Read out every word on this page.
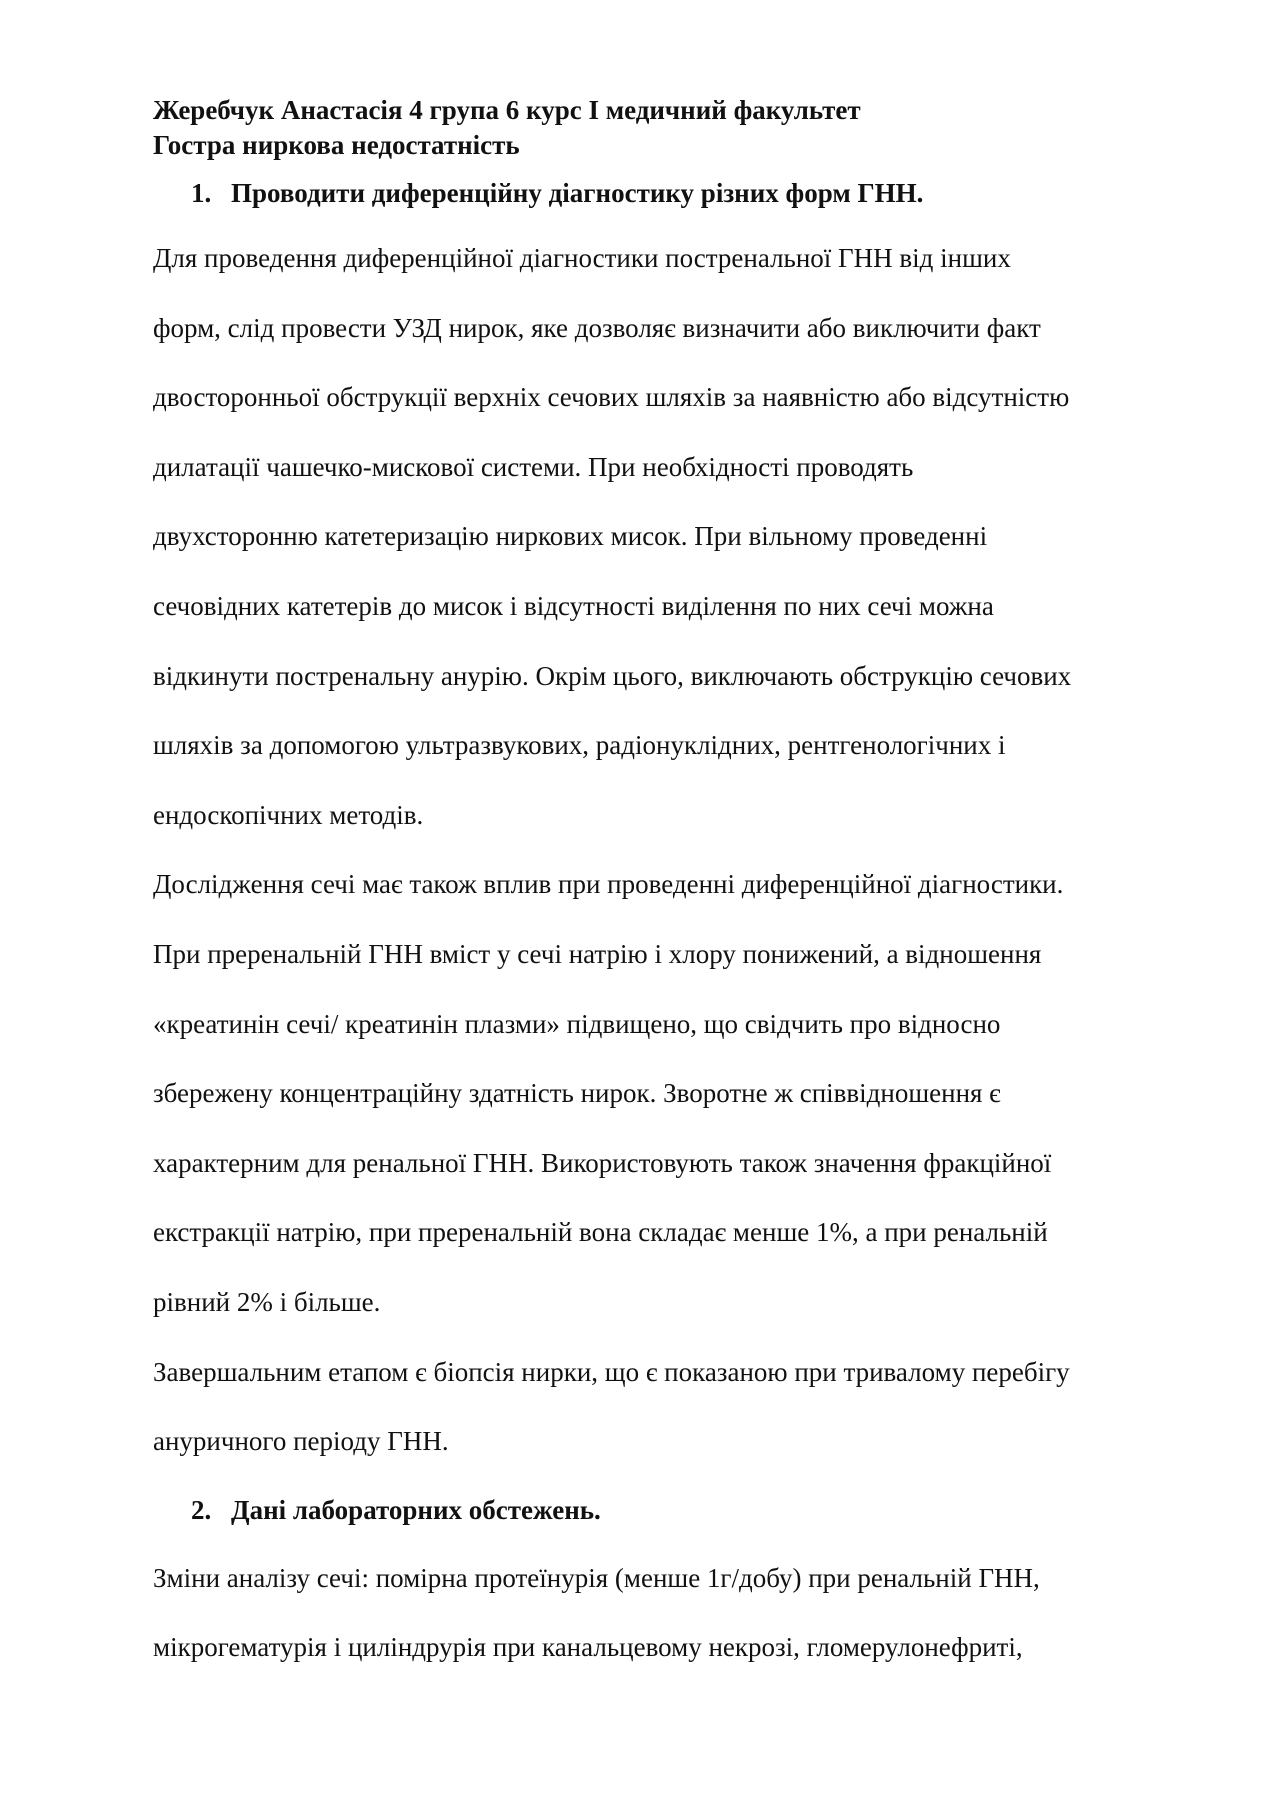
Жеребчук Анастасія 4 група 6 курс І медичний факультет
Гостра ниркова недостатність
1. Проводити диференційну діагностику різних форм ГНН.

Для проведення диференційної діагностики постренальної ГНН від інших

форм, слід провести УЗД нирок, яке дозволяє визначити або виключити факт

двосторонньої обструкції верхніх сечових шляхів за наявністю або відсутністю

дилатації чашечко-мискової системи. При необхідності проводять

двухсторонню катетеризацію ниркових мисок. При вільному проведенні

сечовідних катетерів до мисок і відсутності виділення по них сечі можна

відкинути постренальну анурію. Окрім цього, виключають обструкцію сечових

шляхів за допомогою ультразвукових, радіонуклідних, рентгенологічних і

ендоскопічних методів.

Дослідження сечі має також вплив при проведенні диференційної діагностики.

При преренальній ГНН вміст у сечі натрію і хлору понижений, а відношення

«креатинін сечі/ креатинін плазми» підвищено, що свідчить про відносно

збережену концентраційну здатність нирок. Зворотне ж співвідношення є

характерним для ренальної ГНН. Використовують також значення фракційної

екстракції натрію, при преренальній вона складає менше 1%, а при ренальній

рівний 2% і більше.

Завершальним етапом є біопсія нирки, що є показаною при тривалому перебігу

ануричного періоду ГНН.

2. Дані лабораторних обстежень.

Зміни аналізу сечі: помірна протеїнурія (менше 1г/добу) при ренальній ГНН,

мікрогематурія і циліндрурія при канальцевому некрозі, гломерулонефриті,
